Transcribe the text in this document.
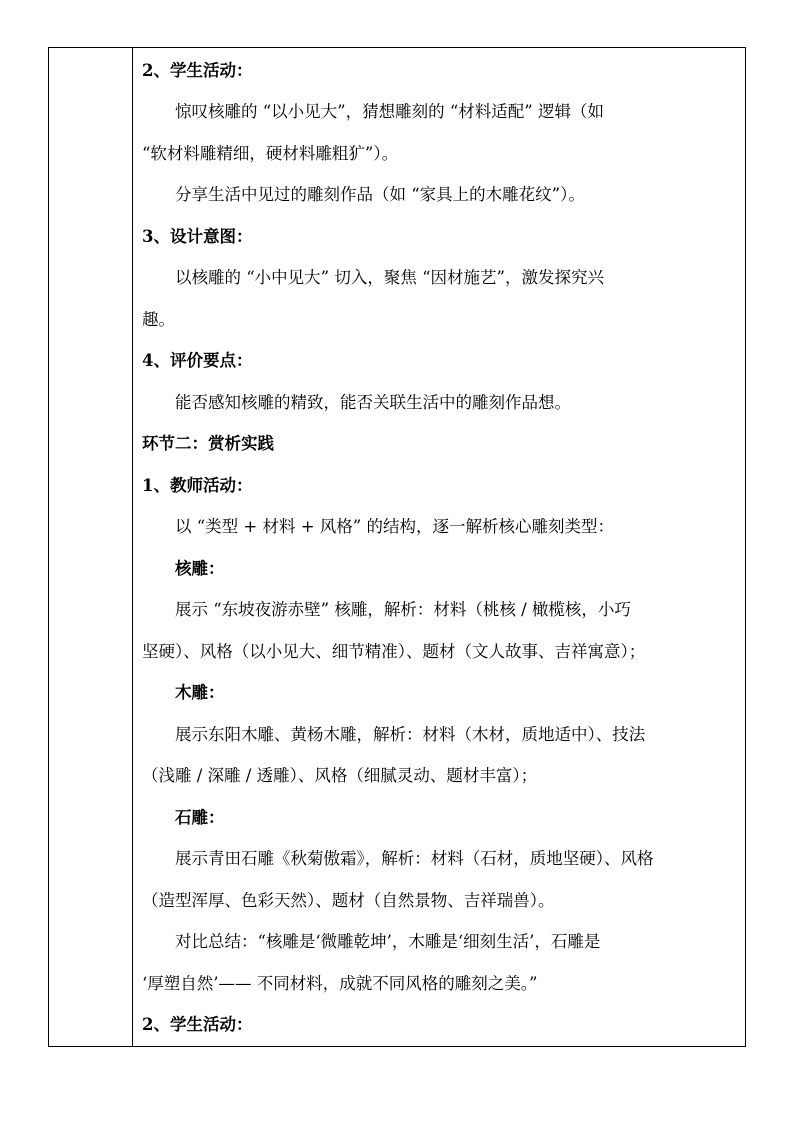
2、学生活动：
惊叹核雕的 “以小见大”，猜想雕刻的 “材料适配” 逻辑（如
“软材料雕精细，硬材料雕粗犷”）。
分享生活中见过的雕刻作品（如 “家具上的木雕花纹”）。
3、设计意图：
以核雕的 “小中见大” 切入，聚焦 “因材施艺”，激发探究兴
趣。
4、评价要点：
能否感知核雕的精致，能否关联生活中的雕刻作品想。
环节二：赏析实践
1、教师活动：
以 “类型 + 材料 + 风格” 的结构，逐一解析核心雕刻类型：
核雕：
展示 “东坡夜游赤壁” 核雕，解析：材料（桃核 / 橄榄核，小巧
坚硬）、风格（以小见大、细节精准）、题材（文人故事、吉祥寓意）；
木雕：
展示东阳木雕、黄杨木雕，解析：材料（木材，质地适中）、技法
（浅雕 / 深雕 / 透雕）、风格（细腻灵动、题材丰富）；
石雕：
展示青田石雕《秋菊傲霜》，解析：材料（石材，质地坚硬）、风格
（造型浑厚、色彩天然）、题材（自然景物、吉祥瑞兽）。
对比总结：“核雕是‘微雕乾坤’，木雕是‘细刻生活’，石雕是
‘厚塑自然’—— 不同材料，成就不同风格的雕刻之美。”
2、学生活动：
